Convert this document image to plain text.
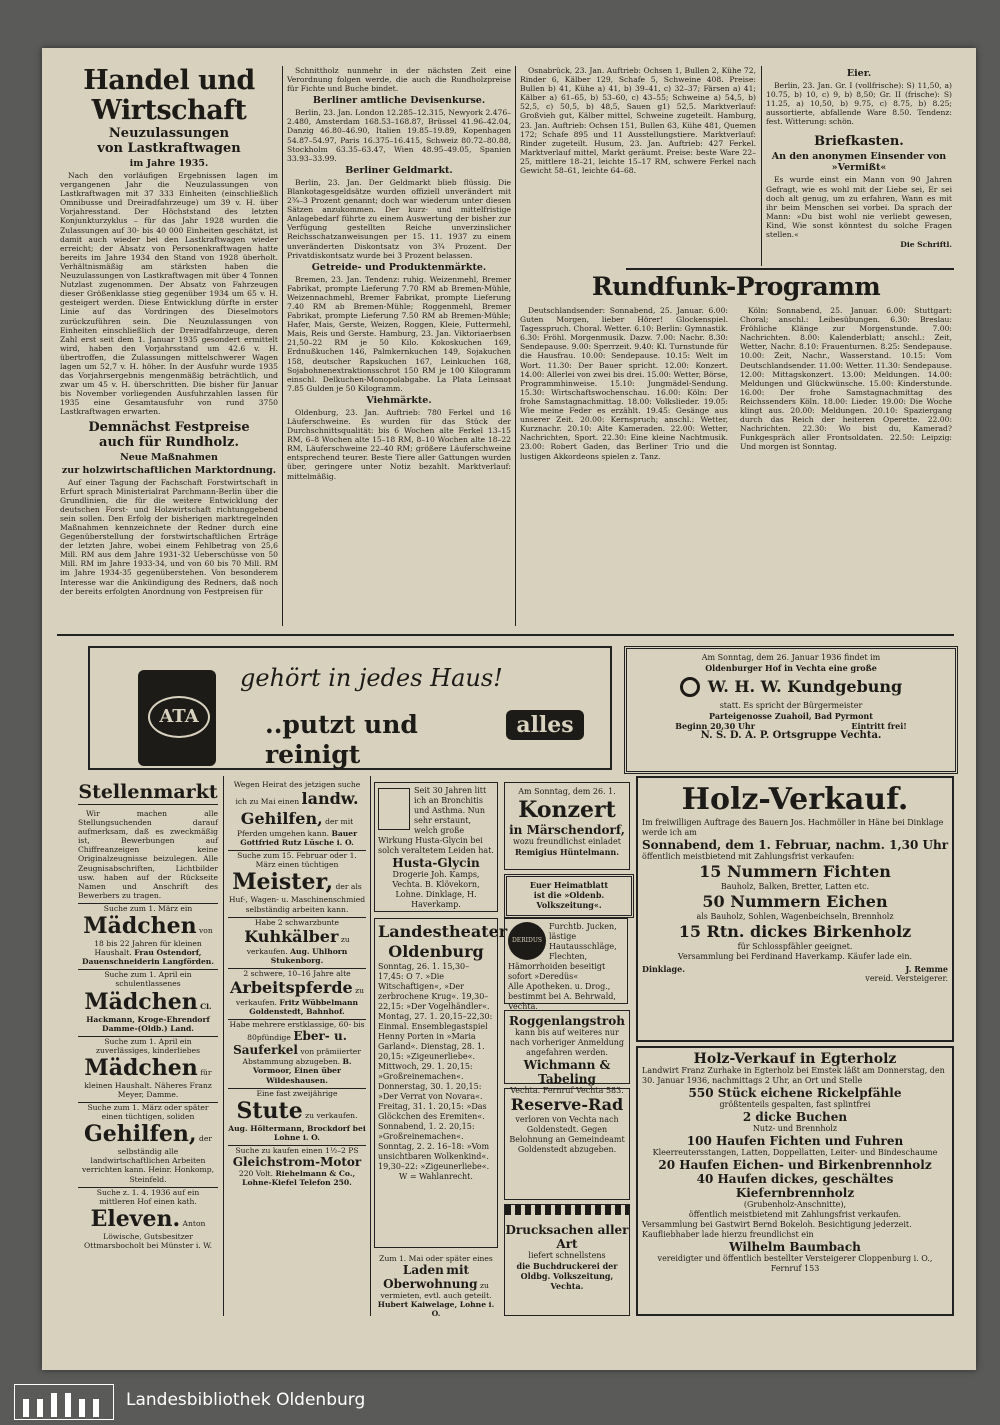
Handel und Wirtschaft
Neuzulassungen
von Lastkraftwagen
im Jahre 1935.

Nach den vorläufigen Ergebnissen lagen im vergangenen Jahr die Neuzulassungen von Lastkraftwagen mit 37 333 Einheiten (einschließlich Omnibusse und Dreiradfahrzeuge) um 39 v. H. über Vorjahresstand. Der Höchststand des letzten Konjunkturzyklus – für das Jahr 1928 wurden die Zulassungen auf 30- bis 40 000 Einheiten geschätzt, ist damit auch wieder bei den Lastkraftwagen wieder erreicht; der Absatz von Personenkraftwagen hatte bereits im Jahre 1934 den Stand von 1928 überholt. Verhältnismäßig am stärksten haben die Neuzulassungen von Lastkraftwagen mit über 4 Tonnen Nutzlast zugenommen. Der Absatz von Fahrzeugen dieser Größenklasse stieg gegenüber 1934 um 65 v. H. gesteigert werden. Diese Entwicklung dürfte in erster Linie auf das Vordringen des Dieselmotors zurückzuführen sein. Die Neuzulassungen von Einheiten einschließlich der Dreiradfahrzeuge, deren Zahl erst seit dem 1. Januar 1935 gesondert ermittelt wird, haben den Vorjahrsstand um 42.6 v. H. übertroffen, die Zulassungen mittelschwerer Wagen lagen um 52,7 v. H. höher. In der Ausfuhr wurde 1935 das Vorjahrsergebnis mengenmäßig beträchtlich, und zwar um 45 v. H. überschritten. Die bisher für Januar bis November vorliegenden Ausfuhrzahlen lassen für 1935 eine Gesamtausfuhr von rund 3750 Lastkraftwagen erwarten.

Demnächst Festpreise
auch für Rundholz.
Neue Maßnahmen
zur holzwirtschaftlichen Marktordnung.

Auf einer Tagung der Fachschaft Forstwirtschaft in Erfurt sprach Ministerialrat Parchmann-Berlin über die Grundlinien, die für die weitere Entwicklung der deutschen Forst- und Holzwirtschaft richtunggebend sein sollen. Den Erfolg der bisherigen marktregelnden Maßnahmen kennzeichnete der Redner durch eine Gegenüberstellung der forstwirtschaftlichen Erträge der letzten Jahre, wobei einem Fehlbetrag von 25,6 Mill. RM aus dem Jahre 1931-32 Ueberschüsse von 50 Mill. RM im Jahre 1933-34, und von 60 bis 70 Mill. RM im Jahre 1934-35 gegenüberstehen. Von besonderem Interesse war die Ankündigung des Redners, daß noch der bereits erfolgten Anordnung von Festpreisen für

Schnittholz nunmehr in der nächsten Zeit eine Verordnung folgen werde, die auch die Rundholzpreise für Fichte und Buche bindet.

Berliner amtliche Devisenkurse.

Berlin, 23. Jan. London 12.285–12.315, Newyork 2.476–2.480, Amsterdam 168.53–168.87, Brüssel 41.96–42.04, Danzig 46.80–46.90, Italien 19.85–19.89, Kopenhagen 54.87–54.97, Paris 16.375–16.415, Schweiz 80.72–80.88, Stockholm 63.35–63.47, Wien 48.95–49.05, Spanien 33.93–33.99.

Berliner Geldmarkt.

Berlin, 23. Jan. Der Geldmarkt blieb flüssig. Die Blankotagesgeldsätze wurden offiziell unverändert mit 2¾–3 Prozent genannt; doch war wiederum unter diesen Sätzen anzukommen. Der kurz- und mittelfristige Anlagebedarf führte zu einem Auswertung der bisher zur Verfügung gestellten Reiche unverzinslicher Reichsschatzanweisungen per 15. 11. 1937 zu einem unveränderten Diskontsatz von 3¾ Prozent. Der Privatdiskontsatz wurde bei 3 Prozent belassen.

Getreide- und Produktenmärkte.

Bremen, 23. Jan. Tendenz: ruhig. Weizenmehl, Bremer Fabrikat, prompte Lieferung 7.70 RM ab Bremen-Mühle, Weizennachmehl, Bremer Fabrikat, prompte Lieferung 7.40 RM ab Bremen-Mühle; Roggenmehl, Bremer Fabrikat, prompte Lieferung 7.50 RM ab Bremen-Mühle; Hafer, Mais, Gerste, Weizen, Roggen, Kleie, Futtermehl, Mais, Reis und Gerste. Hamburg, 23. Jan. Viktoriaerbsen 21,50–22 RM je 50 Kilo. Kokoskuchen 169, Erdnußkuchen 146, Palmkernkuchen 149, Sojakuchen 158, deutscher Rapskuchen 167, Leinkuchen 168, Sojabohnenextraktionsschrot 150 RM je 100 Kilogramm einschl. Delkuchen-Monopolabgabe. La Plata Leinsaat 7.85 Gulden je 50 Kilogramm.

Viehmärkte.

Oldenburg, 23. Jan. Auftrieb: 780 Ferkel und 16 Läuferschweine. Es wurden für das Stück der Durchschnittsqualität: bis 6 Wochen alte Ferkel 13–15 RM, 6–8 Wochen alte 15–18 RM, 8–10 Wochen alte 18–22 RM, Läuferschweine 22–40 RM; größere Läuferschweine entsprechend teurer. Beste Tiere aller Gattungen wurden über, geringere unter Notiz bezahlt. Marktverlauf: mittelmäßig.

Osnabrück, 23. Jan. Auftrieb: Ochsen 1, Bullen 2, Kühe 72, Rinder 6, Kälber 129, Schafe 5, Schweine 408. Preise: Bullen b) 41, Kühe a) 41, b) 39–41, c) 32–37; Färsen a) 41; Kälber a) 61–65, b) 53–60, c) 43–55; Schweine a) 54,5, b) 52,5, c) 50,5, b) 48,5, Sauen g1) 52,5. Marktverlauf: Großvieh gut, Kälber mittel, Schweine zugeteilt. Hamburg, 23. Jan. Auftrieb: Ochsen 151, Bullen 63, Kühe 481, Quemen 172; Schafe 895 und 11 Ausstellungstiere. Marktverlauf: Rinder zugeteilt. Husum, 23. Jan. Auftrieb: 427 Ferkel. Marktverlauf mittel, Markt geräumt. Preise: beste Ware 22–25, mittlere 18–21, leichte 15–17 RM, schwere Ferkel nach Gewicht 58–61, leichte 64–68.

Eier.

Berlin, 23. Jan. Gr. I (vollfrische): S) 11,50, a) 10.75, b) 10, c) 9, b) 8,50; Gr. II (frische): S) 11.25, a) 10,50, b) 9.75, c) 8.75, b) 8.25; aussortierte, abfallende Ware 8.50. Tendenz: fest. Witterung: schön.

Briefkasten.
An den anonymen Einsender von »Vermißt«

Es wurde einst ein Mann von 90 Jahren Gefragt, wie es wohl mit der Liebe sei, Er sei doch alt genug, um zu erfahren, Wann es mit ihr beim Menschen sei vorbei. Da sprach der Mann: »Du bist wohl nie verliebt gewesen, Kind, Wie sonst könntest du solche Fragen stellen.«

Die Schriftl.
Rundfunk-Programm

Deutschlandsender: Sonnabend, 25. Januar. 6.00: Guten Morgen, lieber Hörer! Glockenspiel. Tagesspruch. Choral. Wetter. 6.10: Berlin: Gymnastik. 6.30: Fröhl. Morgenmusik. Dazw. 7.00: Nachr. 8.30: Sendepause. 9.00: Sperrzeit. 9.40: Kl. Turnstunde für die Hausfrau. 10.00: Sendepause. 10.15: Welt im Wort. 11.30: Der Bauer spricht. 12.00: Konzert. 14.00: Allerlei von zwei bis drei. 15.00: Wetter, Börse, Programmhinweise. 15.10: Jungmädel-Sendung. 15.30: Wirtschaftswochenschau. 16.00: Köln: Der frohe Samstagnachmittag. 18.00: Volkslieder. 19.05: Wie meine Feder es erzählt. 19.45: Gesänge aus unserer Zeit. 20.00: Kernspruch; anschl.: Wetter, Kurznachr. 20.10: Alte Kameraden. 22.00: Wetter, Nachrichten, Sport. 22.30: Eine kleine Nachtmusik. 23.00: Robert Gaden, das Berliner Trio und die lustigen Akkordeons spielen z. Tanz.

Köln: Sonnabend, 25. Januar. 6.00: Stuttgart: Choral; anschl.: Leibesübungen. 6.30: Breslau: Fröhliche Klänge zur Morgenstunde. 7.00: Nachrichten. 8.00: Kalenderblatt; anschl.: Zeit, Wetter, Nachr. 8.10: Frauenturnen. 8.25: Sendepause. 10.00: Zeit, Nachr., Wasserstand. 10.15: Vom Deutschlandsender. 11.00: Wetter. 11.30: Sendepause. 12.00: Mittagskonzert. 13.00: Meldungen. 14.00: Meldungen und Glückwünsche. 15.00: Kinderstunde. 16.00: Der frohe Samstagnachmittag des Reichssenders Köln. 18.00: Lieder. 19.00: Die Woche klingt aus. 20.00: Meldungen. 20.10: Spaziergang durch das Reich der heiteren Operette. 22.00: Nachrichten. 22.30: Wo bist du, Kamerad? Funkgespräch aller Frontsoldaten. 22.50: Leipzig: Und morgen ist Sonntag.

ATA
gehört in jedes Haus!
..putzt und reinigt
alles
Am Sonntag, dem 26. Januar 1936 findet im
Oldenburger Hof in Vechta eine große
W. H. W. Kundgebung
statt. Es spricht der Bürgermeister
Parteigenosse Zuahoil, Bad Pyrmont
Beginn 20,30 Uhr	Eintritt frei!
N. S. D. A. P. Ortsgruppe Vechta.
Stellenmarkt

Wir machen alle Stellungsuchenden darauf aufmerksam, daß es zweckmäßig ist, Bewerbungen auf Chiffreanzeigen keine Originalzeugnisse beizulegen. Alle Zeugnisabschriften, Lichtbilder usw. haben auf der Rückseite Namen und Anschrift des Bewerbers zu tragen.

Suche zum 1. März ein Mädchen von 18 bis 22 Jahren für kleinen Haushalt. Frau Ostendorf, Dauenschneiderin Langförden.
Suche zum 1. April ein schulentlassenes Mädchen Cl. Hackmann, Kroge-Ehrendorf Damme-(Oldb.) Land.
Suche zum 1. April ein zuverlässiges, kinderliebes Mädchen für kleinen Haushalt. Näheres Franz Meyer, Damme.
Suche zum 1. März oder später einen tüchtigen, soliden Gehilfen, der selbständig alle landwirtschaftlichen Arbeiten verrichten kann. Heinr. Honkomp, Steinfeld.
Suche z. 1. 4. 1936 auf ein mittleren Hof einen kath. Eleven. Anton Löwische, Gutsbesitzer Ottmarsbocholt bei Münster i. W.
Wegen Heirat des jetzigen suche ich zu Mai einen landw. Gehilfen, der mit Pferden umgehen kann. Bauer Gottfried Rutz Lüsche i. O.
Suche zum 15. Februar oder 1. März einen tüchtigen Meister, der als Huf-, Wagen- u. Maschinenschmied selbständig arbeiten kann.
Habe 2 schwarzbunte Kuhkälber zu verkaufen. Aug. Uhlhorn Stukenborg.
2 schwere, 10–16 Jahre alte Arbeitspferde zu verkaufen. Fritz Wübbelmann Goldenstedt, Bahnhof.
Habe mehrere erstklassige, 60- bis 80pfündige Eber- u. Sauferkel von prämiierter Abstammung abzugeben. B. Vormoor, Einen über Wildeshausen.
Eine fast zweijährige Stute zu verkaufen. Aug. Höltermann, Brockdorf bei Lohne i. O.
Suche zu kaufen einen 1½–2 PS Gleichstrom-Motor 220 Volt. Riehelmann & Co., Lohne-Kiefel Telefon 250.
Seit 30 Jahren litt ich an Bronchitis und Asthma. Nun sehr erstaunt, welch große Wirkung Husta-Glycin bei solch veraltetem Leiden hat.
Husta-Glycin
Drogerie Joh. Kamps, Vechta. B. Klövekorn, Lohne. Dinklage, H. Haverkamp.
Landestheater Oldenburg
Sonntag, 26. 1. 15,30–17,45: O 7. »Die Witschaftigen«, »Der zerbrochene Krug«. 19,30–22,15: »Der Vogelhändler«. Montag, 27. 1. 20,15–22,30: Einmal. Ensemblegastspiel Henny Porten in »Maria Garland«. Dienstag, 28. 1. 20,15: »Zigeunerliebe«. Mittwoch, 29. 1. 20,15: »Großreinemachen«. Donnerstag, 30. 1. 20,15: »Der Verrat von Novara«. Freitag, 31. 1. 20,15: »Das Glöckchen des Eremiten«. Sonnabend, 1. 2. 20,15: »Großreinemachen«. Sonntag, 2. 2. 16–18: »Vom unsichtbaren Wolkenkind«. 19,30–22: »Zigeunerliebe«.
W = Wahlanrecht.
Zum 1. Mai oder später eines Laden mit Oberwohnung zu vermieten, evtl. auch geteilt. Hubert Kaiwelage, Lohne i. O.
Am Sonntag, dem 26. 1.
Konzert
in Märschendorf,
wozu freundlichst einladet
Remigius Hüntelmann.
Euer Heimatblatt
ist die »Oldenb. Volkszeitung«.
DERIDUS
Furchtb. Jucken, lästige Hautausschläge, Flechten, Hämorrhoiden beseitigt sofort »Deredüs«
Alle Apotheken. u. Drog., bestimmt bei A. Behrwald, Vechta.
Roggenlangstroh
kann bis auf weiteres nur nach vorheriger Anmeldung angefahren werden.
Wichmann & Tabeling
Vechta. Fernruf Vechta 583.
Reserve-Rad
verloren von Vechta nach Goldenstedt. Gegen Belohnung an Gemeindeamt Goldenstedt abzugeben.
Drucksachen aller Art
liefert schnellstens
die Buchdruckerei der Oldbg. Volkszeitung, Vechta.
Holz-Verkauf.
Im freiwilligen Auftrage des Bauern Jos. Hachmöller in Häne bei Dinklage werde ich am
Sonnabend, dem 1. Februar, nachm. 1,30 Uhr
öffentlich meistbietend mit Zahlungsfrist verkaufen:
15 Nummern Fichten
Bauholz, Balken, Bretter, Latten etc.
50 Nummern Eichen
als Bauholz, Sohlen, Wagenbeichseln, Brennholz
15 Rtn. dickes Birkenholz
für Schlosspfähler geeignet.
Versammlung bei Ferdinand Haverkamp. Käufer lade ein.
Dinklage.	J. Remme
vereid. Versteigerer.
Holz-Verkauf in Egterholz
Landwirt Franz Zurhake in Egterholz bei Emstek läßt am Donnerstag, den 30. Januar 1936, nachmittags 2 Uhr, an Ort und Stelle
550 Stück eichene Rickelpfähle
größtenteils gespalten, fast splintfrei
2 dicke Buchen
Nutz- und Brennholz
100 Haufen Fichten und Fuhren
Kleerreutersstangen, Latten, Doppellatten, Leiter- und Bindeschaume
20 Haufen Eichen- und Birkenbrennholz
40 Haufen dickes, geschältes Kiefernbrennholz
(Grubenholz-Anschnitte),
öffentlich meistbietend mit Zahlungsfrist verkaufen.
Versammlung bei Gastwirt Bernd Bokeloh. Besichtigung jederzeit. Kaufliebhaber lade hierzu freundlichst ein
Wilhelm Baumbach
vereidigter und öffentlich bestellter Versteigerer Cloppenburg i. O., Fernruf 153
Landesbibliothek Oldenburg
